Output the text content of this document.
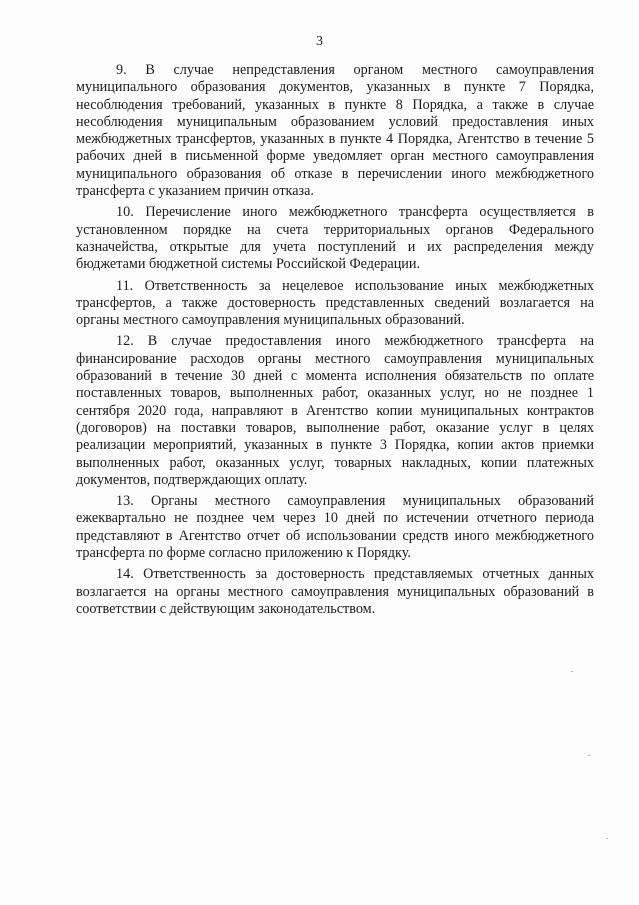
3

9. В случае непредставления органом местного самоуправления муниципального образования документов, указанных в пункте 7 Порядка, несоблюдения требований, указанных в пункте 8 Порядка, а также в случае несоблюдения муниципальным образованием условий предоставления иных межбюджетных трансфертов, указанных в пункте 4 Порядка, Агентство в течение 5 рабочих дней в письменной форме уведомляет орган местного самоуправления муниципального образования об отказе в перечислении иного межбюджетного трансферта с указанием причин отказа.

10. Перечисление иного межбюджетного трансферта осуществляется в установленном порядке на счета территориальных органов Федерального казначейства, открытые для учета поступлений и их распределения между бюджетами бюджетной системы Российской Федерации.

11. Ответственность за нецелевое использование иных межбюджетных трансфертов, а также достоверность представленных сведений возлагается на органы местного самоуправления муниципальных образований.

12. В случае предоставления иного межбюджетного трансферта на финансирование расходов органы местного самоуправления муниципальных образований в течение 30 дней с момента исполнения обязательств по оплате поставленных товаров, выполненных работ, оказанных услуг, но не позднее 1 сентября 2020 года, направляют в Агентство копии муниципальных контрактов (договоров) на поставки товаров, выполнение работ, оказание услуг в целях реализации мероприятий, указанных в пункте 3 Порядка, копии актов приемки выполненных работ, оказанных услуг, товарных накладных, копии платежных документов, подтверждающих оплату.

13. Органы местного самоуправления муниципальных образований ежеквартально не позднее чем через 10 дней по истечении отчетного периода представляют в Агентство отчет об использовании средств иного межбюджетного трансферта по форме согласно приложению к Порядку.

14. Ответственность за достоверность представляемых отчетных данных возлагается на органы местного самоуправления муниципальных образований в соответствии с действующим законодательством.
